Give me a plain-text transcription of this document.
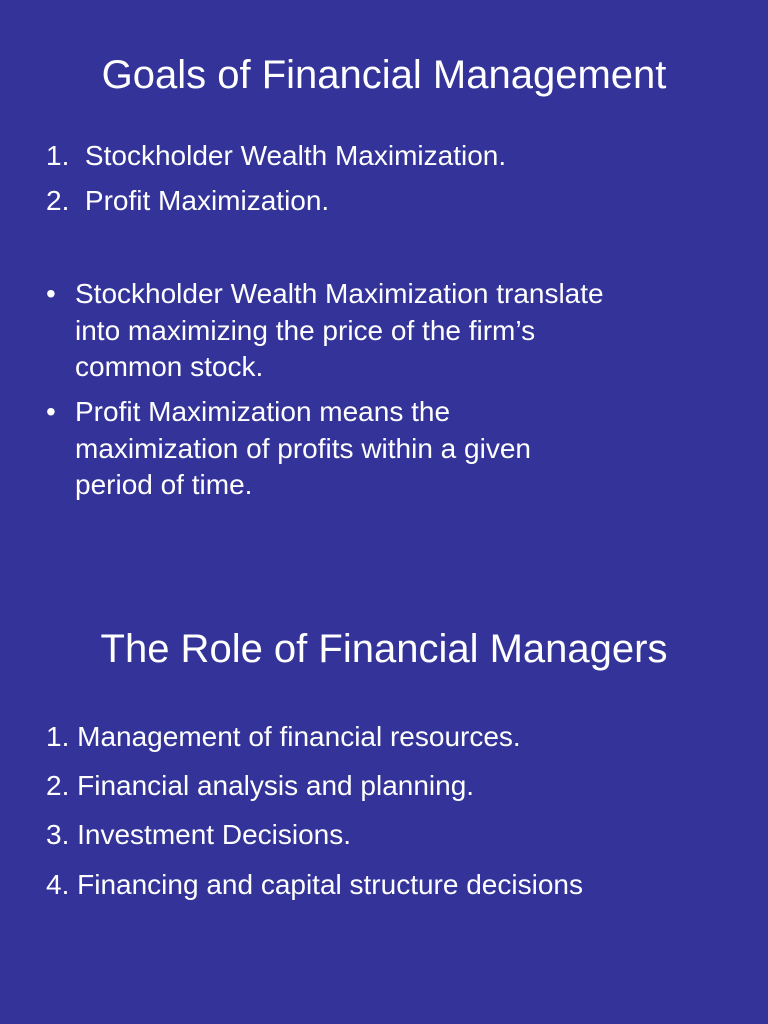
Goals of Financial Management
1. Stockholder Wealth Maximization.
2. Profit Maximization.
• Stockholder Wealth Maximization translate
into maximizing the price of the firm’s
common stock.
• Profit Maximization means the
maximization of profits within a given
period of time.
The Role of Financial Managers
1. Management of financial resources.
2. Financial analysis and planning.
3. Investment Decisions.
4. Financing and capital structure decisions
